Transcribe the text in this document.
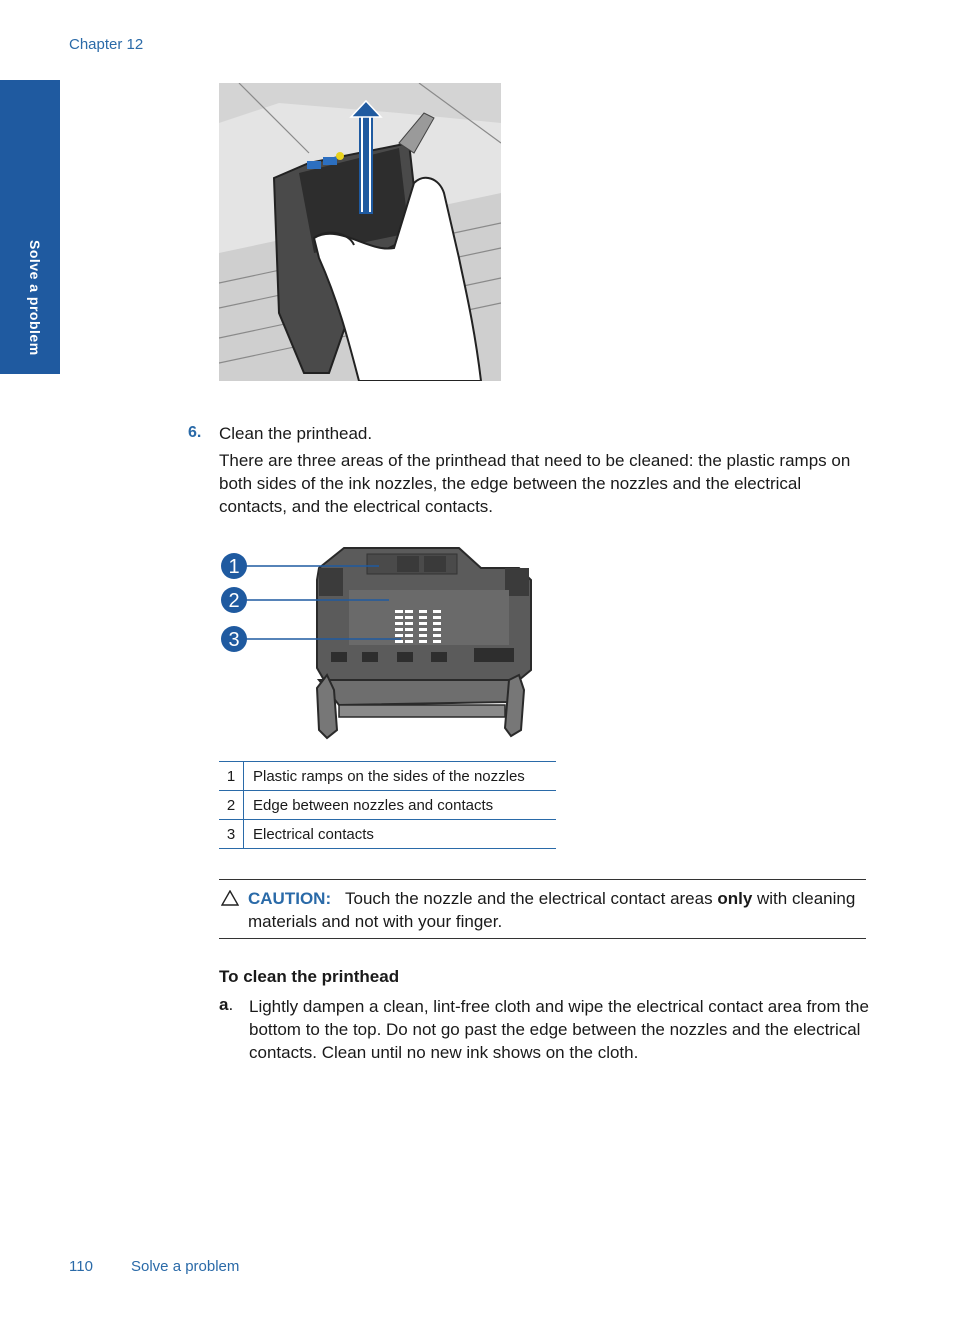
Chapter 12
Solve a problem
6. Clean the printhead.
There are three areas of the printhead that need to be cleaned: the plastic ramps on both sides of the ink nozzles, the edge between the nozzles and the electrical contacts, and the electrical contacts.
1
2
3
1	Plastic ramps on the sides of the nozzles
2	Edge between nozzles and contacts
3	Electrical contacts
CAUTION: Touch the nozzle and the electrical contact areas only with cleaning materials and not with your finger.
To clean the printhead
a. Lightly dampen a clean, lint-free cloth and wipe the electrical contact area from the bottom to the top. Do not go past the edge between the nozzles and the electrical contacts. Clean until no new ink shows on the cloth.
110	Solve a problem
